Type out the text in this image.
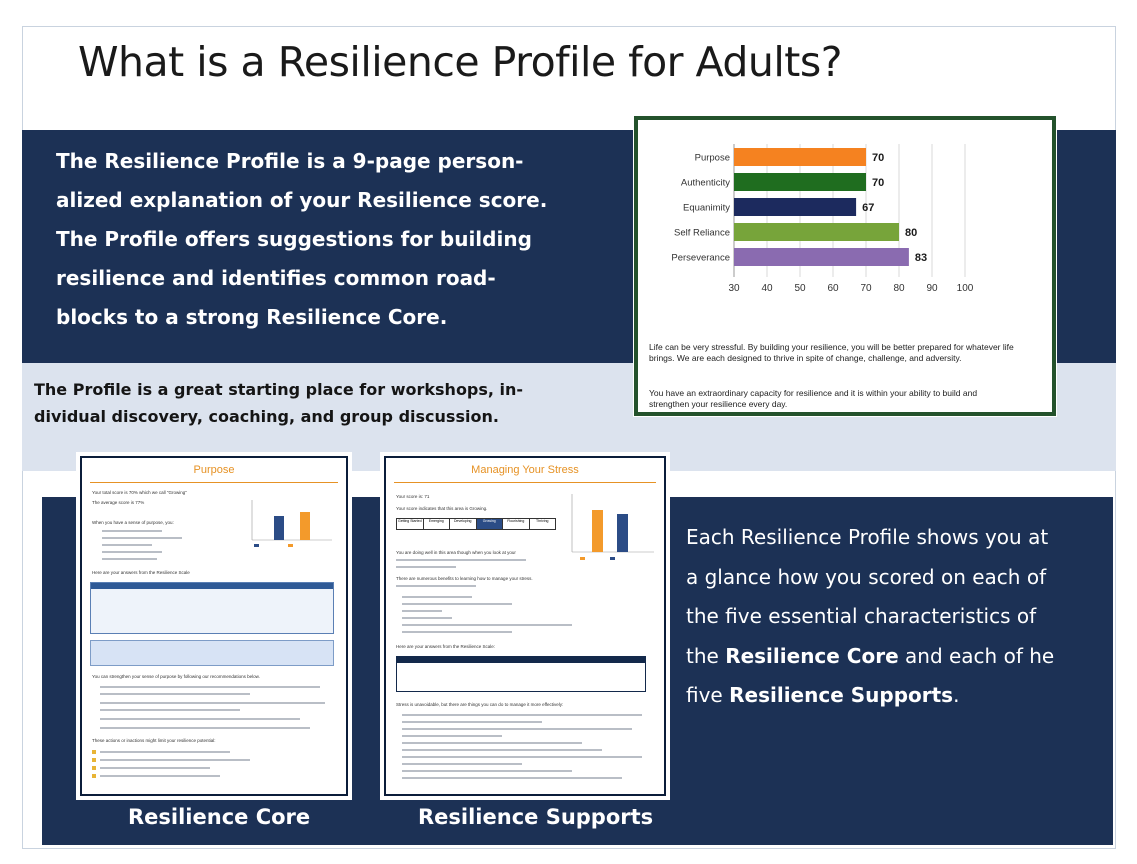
What is a Resilience Profile for Adults?

The Resilience Profile is a 9-page person-

alized explanation of your Resilience score.

The Profile offers suggestions for building

resilience and identifies common road-

blocks to a strong Resilience Core.

The Profile is a great starting place for workshops, in-

dividual discovery, coaching, and group discussion.

30 40 50 60 70 80 90 100
Purpose	70
Authenticity	70
Equanimity	67
Self Reliance	80
Perseverance	83
Life can be very stressful. By building your resilience, you will be better prepared for whatever life
brings. We are each designed to thrive in spite of change, challenge, and adversity.
You have an extraordinary capacity for resilience and it is within your ability to build and
strengthen your resilience every day.
Purpose
Your total score is 70% which we call "Growing"
The average score is 77%
When you have a sense of purpose, you:
Here are your answers from the Resilience Scale
You can strengthen your sense of purpose by following our recommendations below.
These actions or inactions might limit your resilience potential:
Managing Your Stress
Your score is: 71
Your score indicates that this area is Growing.
Getting Started	Emerging	Developing	Growing	Flourishing	Thriving
You are doing well in this area though when you look at your
There are numerous benefits to learning how to manage your stress.
Here are your answers from the Resilience Scale:
Stress is unavoidable, but there are things you can do to manage it more effectively:
Resilience Core	Resilience Supports

Each Resilience Profile shows you at

a glance how you scored on each of

the five essential characteristics of

the Resilience Core and each of he

five Resilience Supports.
